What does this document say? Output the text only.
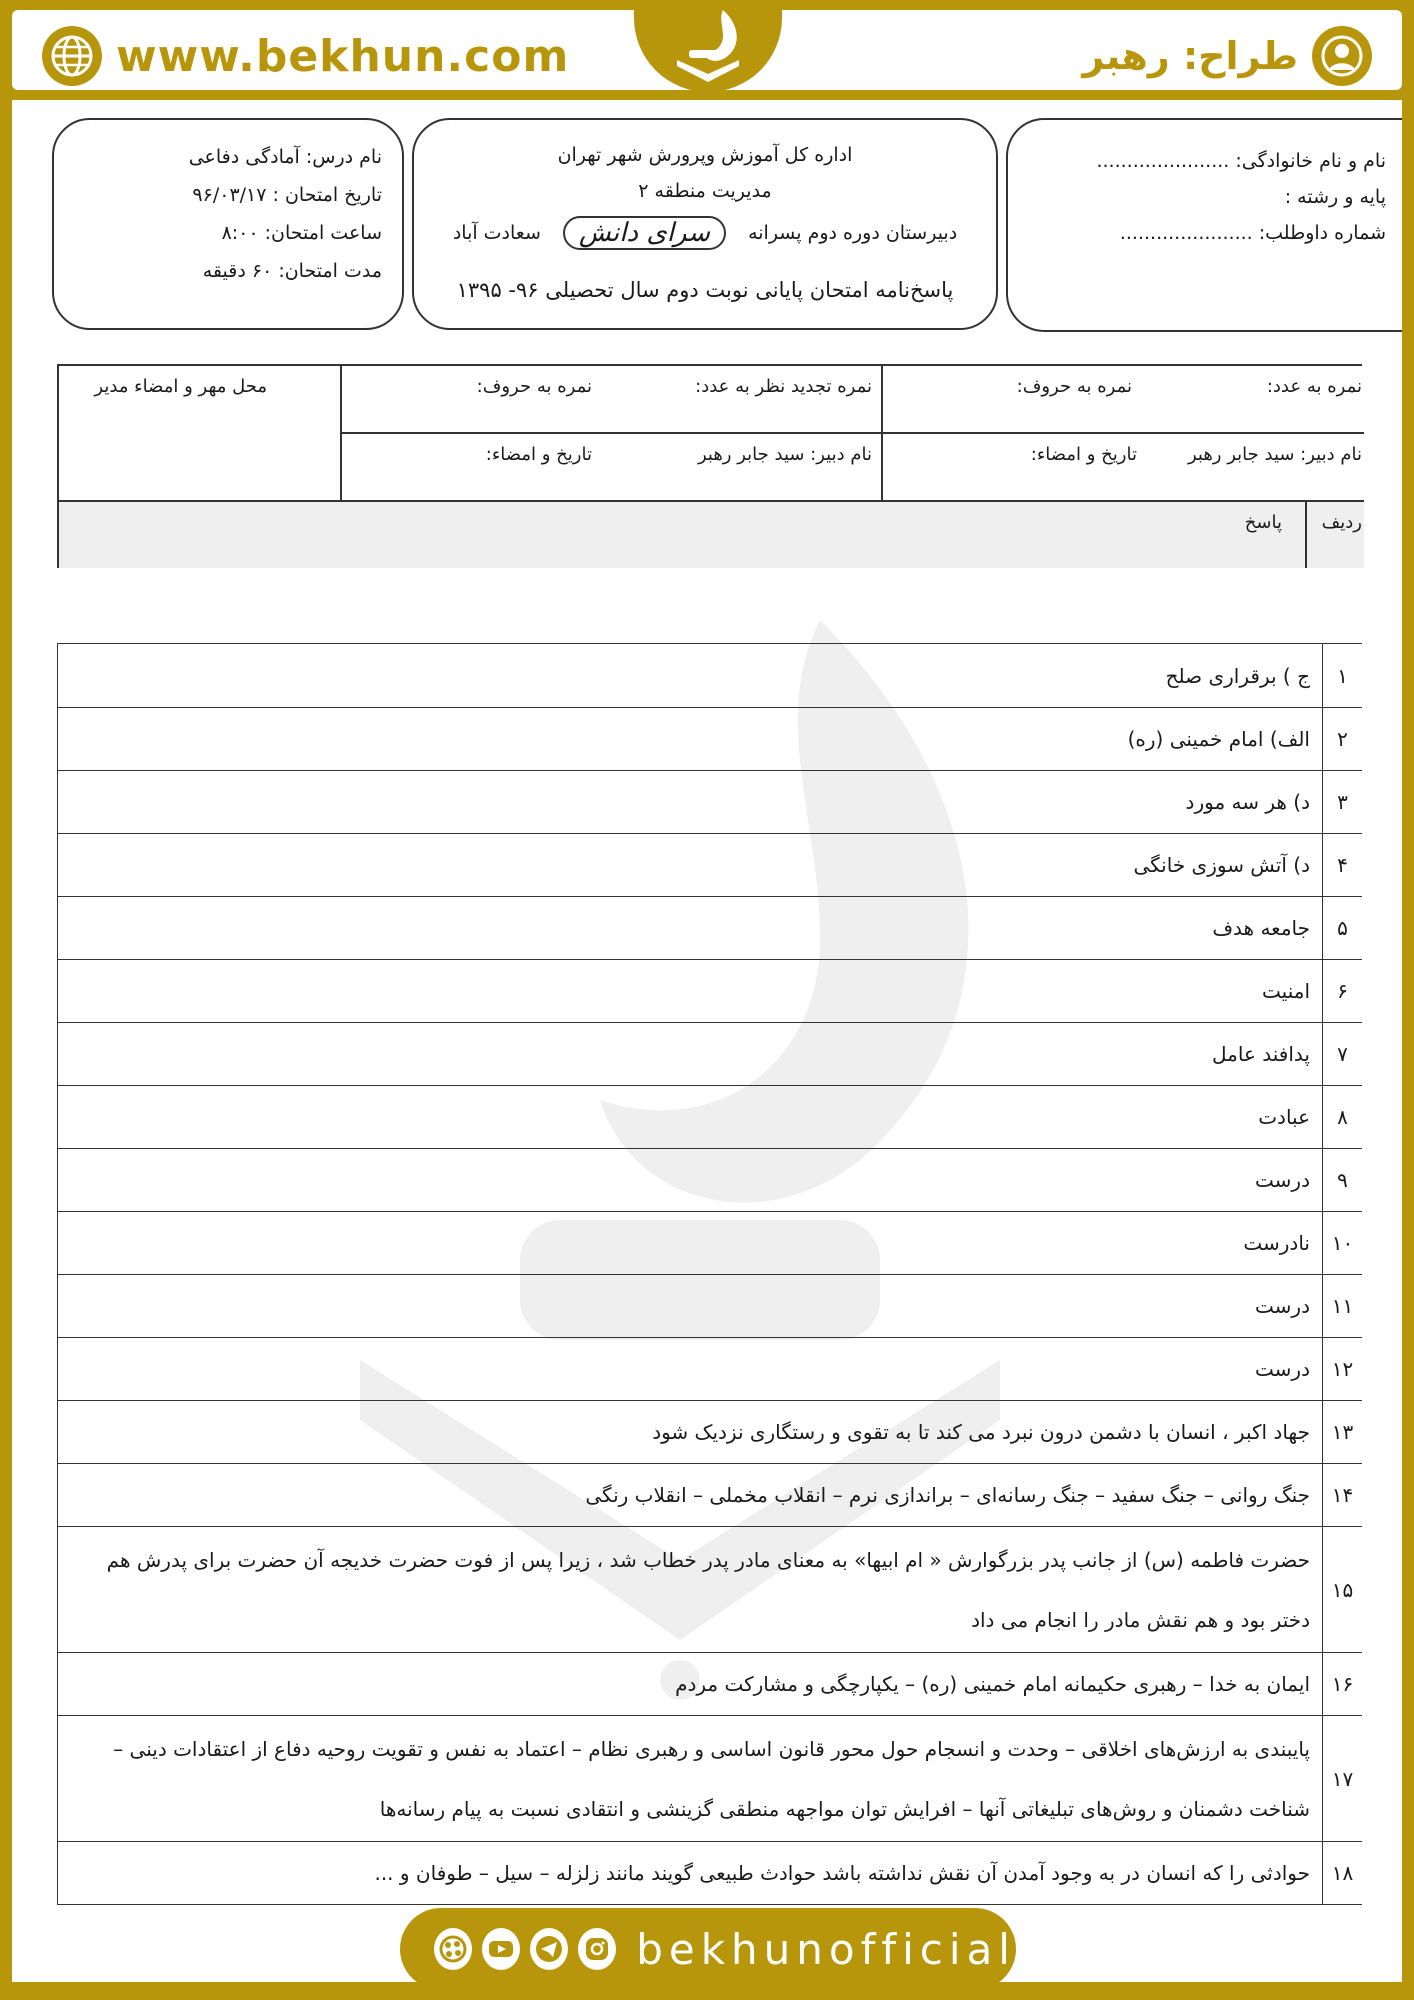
www.bekhun.com	طراح: رهبر
نام و نام خانوادگی: ......................
پایه و رشته :
شماره داوطلب: ......................
اداره کل آموزش وپرورش شهر تهران
مدیریت منطقه ۲
دبیرستان دوره دوم پسرانه
سرای دانش
سعادت آباد
پاسخ‌نامه امتحان پایانی نوبت دوم سال تحصیلی ۹۶- ۱۳۹۵
نام درس: آمادگی دفاعی
تاریخ امتحان : ۹۶/۰۳/۱۷
ساعت امتحان: ۸:۰۰
مدت امتحان: ۶۰ دقیقه
نمره به عدد:
نمره به حروف:
نمره تجدید نظر به عدد:
نمره به حروف:
محل مهر و امضاء مدیر
نام دبیر: سید جابر رهبر
تاریخ و امضاء:
نام دبیر: سید جابر رهبر
تاریخ و امضاء:
ردیف
پاسخ
۱
ج ) برقراری صلح
۲
الف) امام خمینی (ره)
۳
د) هر سه مورد
۴
د) آتش سوزی خانگی
۵
جامعه هدف
۶
امنیت
۷
پدافند عامل
۸
عبادت
۹
درست
۱۰
نادرست
۱۱
درست
۱۲
درست
۱۳
جهاد اکبر ، انسان با دشمن درون نبرد می کند تا به تقوی و رستگاری نزدیک شود
۱۴
جنگ روانی – جنگ سفید – جنگ رسانه‌ای – براندازی نرم – انقلاب مخملی – انقلاب رنگی
۱۵
حضرت فاطمه (س) از جانب پدر بزرگوارش « ام ابیها» به معنای مادر پدر خطاب شد ، زیرا پس از فوت حضرت خدیجه آن حضرت برای پدرش هم دختر بود و هم نقش مادر را انجام می داد
۱۶
ایمان به خدا – رهبری حکیمانه امام خمینی (ره) – یکپارچگی و مشارکت مردم
۱۷
پایبندی به ارزش‌های اخلاقی – وحدت و انسجام حول محور قانون اساسی و رهبری نظام – اعتماد به نفس و تقویت روحیه دفاع از اعتقادات دینی – شناخت دشمنان و روش‌های تبلیغاتی آنها – افرایش توان مواجهه منطقی گزینشی و انتقادی نسبت به پیام رسانه‌ها
۱۸
حوادثی را که انسان در به وجود آمدن آن نقش نداشته باشد حوادث طبیعی گویند مانند زلزله – سیل – طوفان و ...
bekhunofficial
